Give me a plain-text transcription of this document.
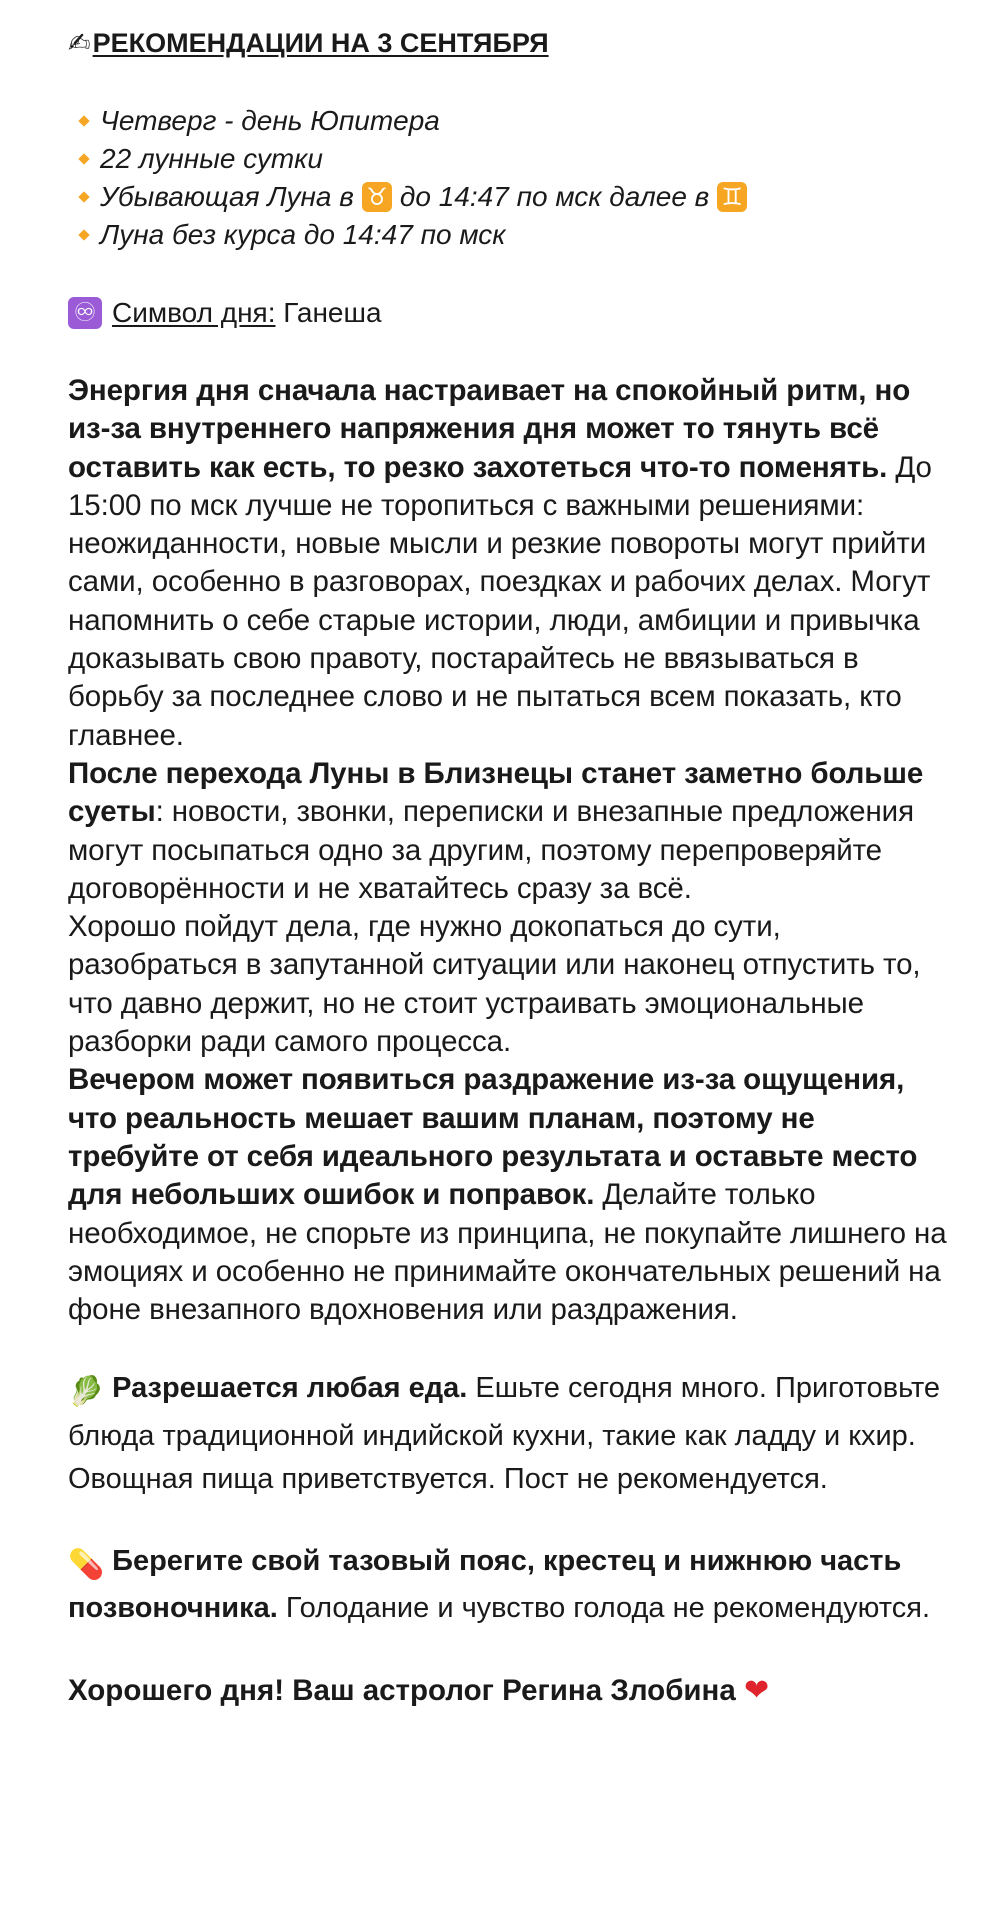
✍РЕКОМЕНДАЦИИ НА 3 СЕНТЯБРЯ
Четверг - день Юпитера
22 лунные сутки
Убывающая Луна в ♉ до 14:47 по мск далее в ♊
Луна без курса до 14:47 по мск
♾ Символ дня:
Ганеша

Энергия дня сначала настраивает на спокойный ритм, но из-за внутреннего напряжения дня может то тянуть всё оставить как есть, то резко захотеться что-то поменять. До 15:00 по мск лучше не торопиться с важными решениями: неожиданности, новые мысли и резкие повороты могут прийти сами, особенно в разговорах, поездках и рабочих делах. Могут напомнить о себе старые истории, люди, амбиции и привычка доказывать свою правоту, постарайтесь не ввязываться в борьбу за последнее слово и не пытаться всем показать, кто главнее.

После перехода Луны в Близнецы станет заметно больше суеты: новости, звонки, переписки и внезапные предложения могут посыпаться одно за другим, поэтому перепроверяйте договорённости и не хватайтесь сразу за всё.

Хорошо пойдут дела, где нужно докопаться до сути, разобраться в запутанной ситуации или наконец отпустить то, что давно держит, но не стоит устраивать эмоциональные разборки ради самого процесса.

Вечером может появиться раздражение из-за ощущения, что реальность мешает вашим планам, поэтому не требуйте от себя идеального результата и оставьте место для небольших ошибок и поправок. Делайте только необходимое, не спорьте из принципа, не покупайте лишнего на эмоциях и особенно не принимайте окончательных решений на фоне внезапного вдохновения или раздражения.

🥬 Разрешается любая еда. Ешьте сегодня много. Приготовьте блюда традиционной индийской кухни, такие как ладду и кхир. Овощная пища приветствуется. Пост не рекомендуется.

💊 Берегите свой тазовый пояс, крестец и нижнюю часть позвоночника. Голодание и чувство голода не рекомендуются.

Хорошего дня! Ваш астролог Регина Злобина ❤
